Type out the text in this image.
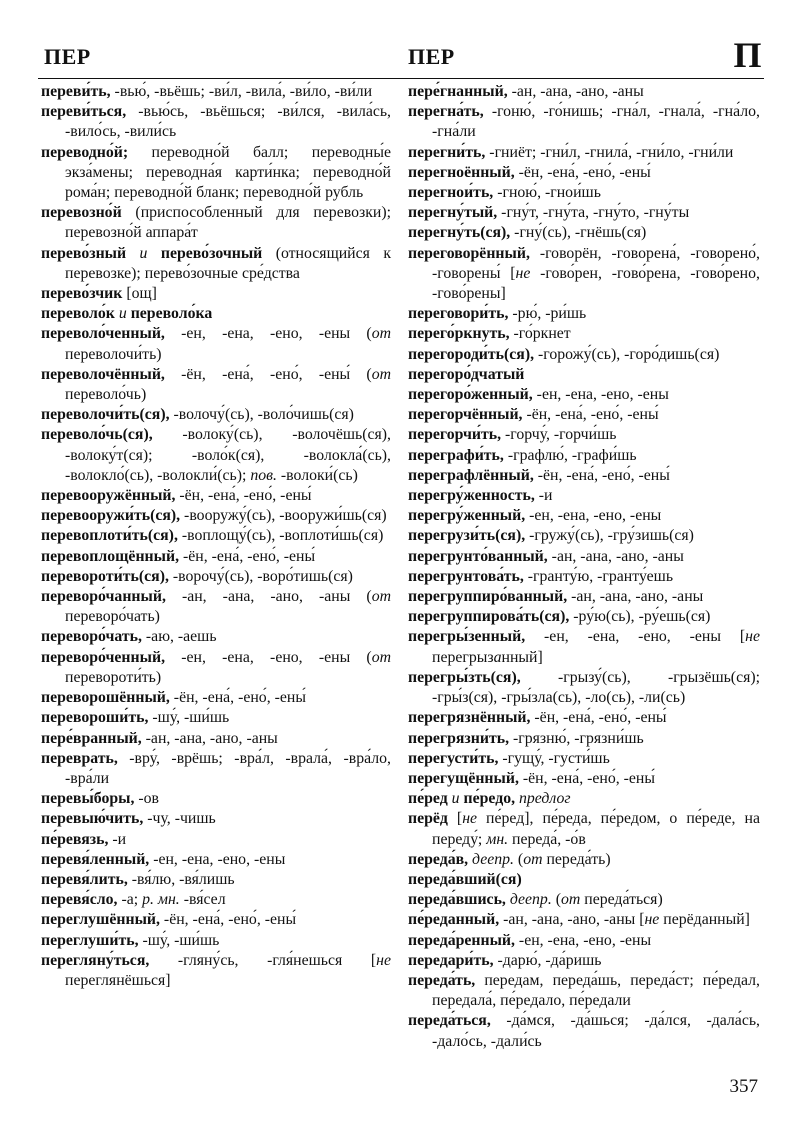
ПЕР	ПЕР	П
переви́ть, -вью́, -вьёшь; -ви́л, -вила́, -ви́ло, -ви́ли
переви́ться, -вью́сь, -вьёшься; -ви́лся, -вила́сь, -вило́сь, -вили́сь
переводно́й; переводно́й балл; переводны́е экза́мены; переводна́я карти́нка; переводно́й рома́н; переводно́й бланк; переводно́й рубль
перевозно́й (приспособленный для перевозки); перевозно́й аппара́т
перево́зный и перево́зочный (относящийся к перевозке); перево́зочные сре́дства
перево́зчик [ощ]
переволо́к и переволо́ка
переволо́ченный, -ен, -ена, -ено, -ены (от переволочи́ть)
переволочённый, -ён, -ена́, -ено́, -ены́ (от переволо́чь)
переволочи́ть(ся), -волочу́(сь), -воло́чишь(ся)
переволо́чь(ся), -волоку́(сь), -волочёшь(ся), -волоку́т(ся); -воло́к(ся), -волокла́(сь), -волокло́(сь), -волокли́(сь); пов. -волоки́(сь)
перевооружённый, -ён, -ена́, -ено́, -ены́
перевооружи́ть(ся), -вооружу́(сь), -вооружи́шь(ся)
перевоплоти́ть(ся), -воплощу́(сь), -воплоти́шь(ся)
перевоплощённый, -ён, -ена́, -ено́, -ены́
переворoти́ть(ся), -ворочу́(сь), -воро́тишь(ся)
переворо́чанный, -ан, -ана, -ано, -аны (от переворо́чать)
переворо́чать, -аю, -аешь
переворо́ченный, -ен, -ена, -ено, -ены (от переворoти́ть)
переворошённый, -ён, -ена́, -ено́, -ены́
перевороши́ть, -шу́, -ши́шь
пере́вранный, -ан, -ана, -ано, -аны
переврать, -вру́, -врёшь; -вра́л, -врала́, -вра́ло, -вра́ли
перевы́боры, -ов
перевыю́чить, -чу, -чишь
пе́ревязь, -и
перевя́ленный, -ен, -ена, -ено, -ены
перевя́лить, -вя́лю, -вя́лишь
перевя́сло, -а; р. мн. -вя́сел
переглушённый, -ён, -ена́, -ено́, -ены́
переглуши́ть, -шу́, -ши́шь
перегляну́ться, -гляну́сь, -гля́нешься [не переглянёшься]
пере́гнанный, -ан, -ана, -ано, -аны
перегна́ть, -гоню́, -го́нишь; -гна́л, -гнала́, -гна́ло, -гна́ли
перегни́ть, -гниёт; -гни́л, -гнила́, -гни́ло, -гни́ли
перегноённый, -ён, -ена́, -ено́, -ены́
перегнои́ть, -гною́, -гнои́шь
перегну́тый, -гну́т, -гну́та, -гну́то, -гну́ты
перегну́ть(ся), -гну́(сь), -гнёшь(ся)
переговорённый, -говорён, -говорена́, -говорено́, -говорены́ [не -гово́рен, -гово́рена, -гово́рено, -гово́рены]
переговори́ть, -рю́, -ри́шь
перего́ркнуть, -го́ркнет
перегороди́ть(ся), -горожу́(сь), -горо́дишь(ся)
перегоро́дчатый
перегоро́женный, -ен, -ена, -ено, -ены
перегорчённый, -ён, -ена́, -ено́, -ены́
перегорчи́ть, -горчу́, -горчи́шь
перeграфи́ть, -графлю́, -графи́шь
перeграфлённый, -ён, -ена́, -ено́, -ены́
перегру́женность, -и
перегру́женный, -ен, -ена, -ено, -ены
перегрузи́ть(ся), -гружу́(сь), -гру́зишь(ся)
перегрунто́ванный, -ан, -ана, -ано, -аны
перегрунтова́ть, -гранту́ю, -гранту́ешь
перегруппиро́ванный, -ан, -ана, -ано, -аны
перегруппирова́ть(ся), -ру́ю(сь), -ру́ешь(ся)
перегры́зенный, -ен, -ена, -ено, -ены [не перегрызанный]
перегры́зть(ся), -грызу́(сь), -грызёшь(ся); -гры́з(ся), -гры́зла(сь), -ло(сь), -ли(сь)
перегрязнённый, -ён, -ена́, -ено́, -ены́
перегрязни́ть, -грязню́, -грязни́шь
перегусти́ть, -гущу́, -густи́шь
перегущённый, -ён, -ена́, -ено́, -ены́
пе́ред и пе́редо, предлог
перёд [не пе́ред], пе́реда, пе́редом, о пе́реде, на переду́; мн. переда́, -о́в
переда́в, деепр. (от переда́ть)
переда́вший(ся)
переда́вшись, деепр. (от переда́ться)
пе́реданный, -ан, -ана, -ано, -аны [не перёданный]
переда́ренный, -ен, -ена, -ено, -ены
передари́ть, -дарю́, -да́ришь
переда́ть, передам, переда́шь, переда́ст; пе́редал, передала́, пе́редало, пе́редали
переда́ться, -да́мся, -да́шься; -да́лся, -дала́сь, -дало́сь, -дали́сь
357
